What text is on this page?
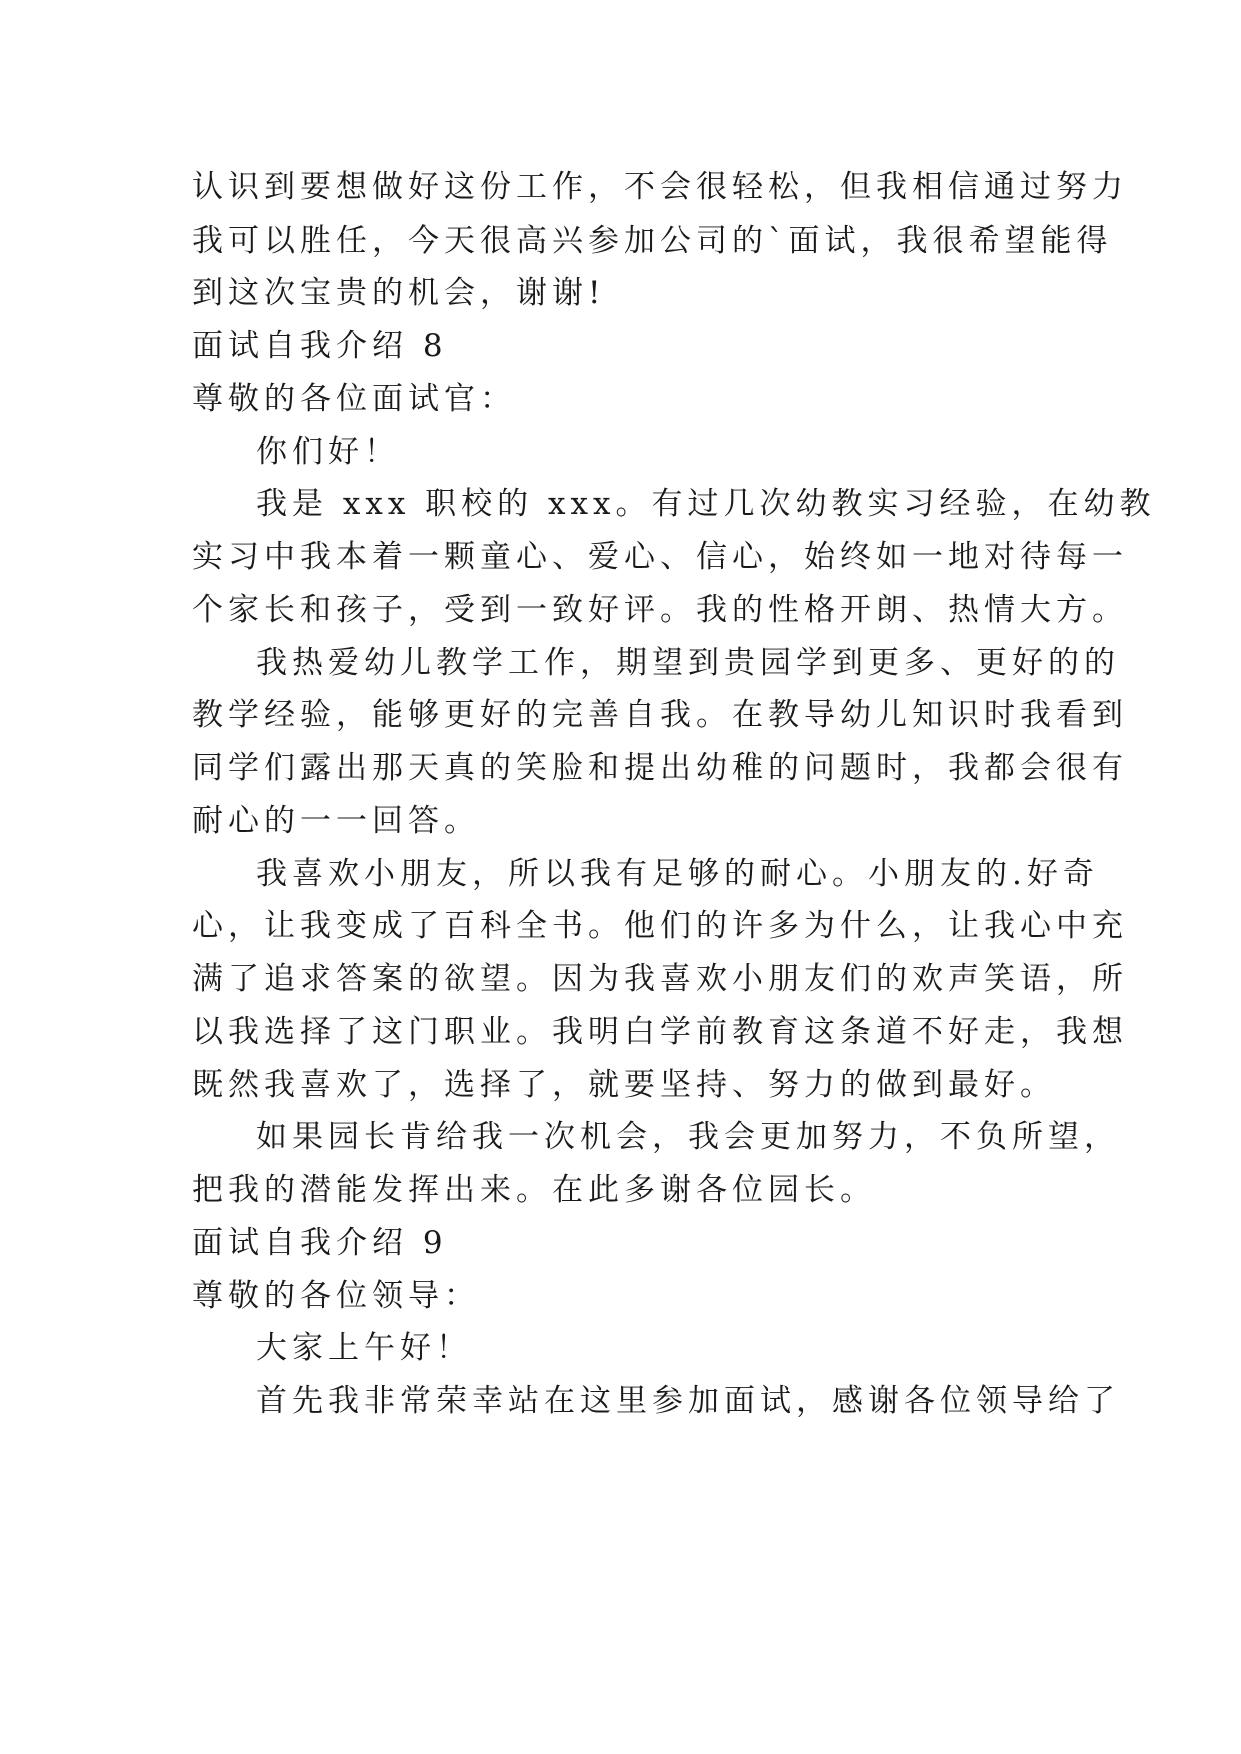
认识到要想做好这份工作，不会很轻松，但我相信通过努力
我可以胜任，今天很高兴参加公司的`面试，我很希望能得
到这次宝贵的机会，谢谢!
面试自我介绍 8
尊敬的各位面试官：
你们好！
我是 xxx 职校的 xxx。有过几次幼教实习经验，在幼教
实习中我本着一颗童心、爱心、信心，始终如一地对待每一
个家长和孩子，受到一致好评。我的性格开朗、热情大方。
我热爱幼儿教学工作，期望到贵园学到更多、更好的的
教学经验，能够更好的完善自我。在教导幼儿知识时我看到
同学们露出那天真的笑脸和提出幼稚的问题时，我都会很有
耐心的一一回答。
我喜欢小朋友，所以我有足够的耐心。小朋友的.好奇
心，让我变成了百科全书。他们的许多为什么，让我心中充
满了追求答案的欲望。因为我喜欢小朋友们的欢声笑语，所
以我选择了这门职业。我明白学前教育这条道不好走，我想
既然我喜欢了，选择了，就要坚持、努力的做到最好。
如果园长肯给我一次机会，我会更加努力，不负所望，
把我的潜能发挥出来。在此多谢各位园长。
面试自我介绍 9
尊敬的各位领导：
大家上午好！
首先我非常荣幸站在这里参加面试，感谢各位领导给了
